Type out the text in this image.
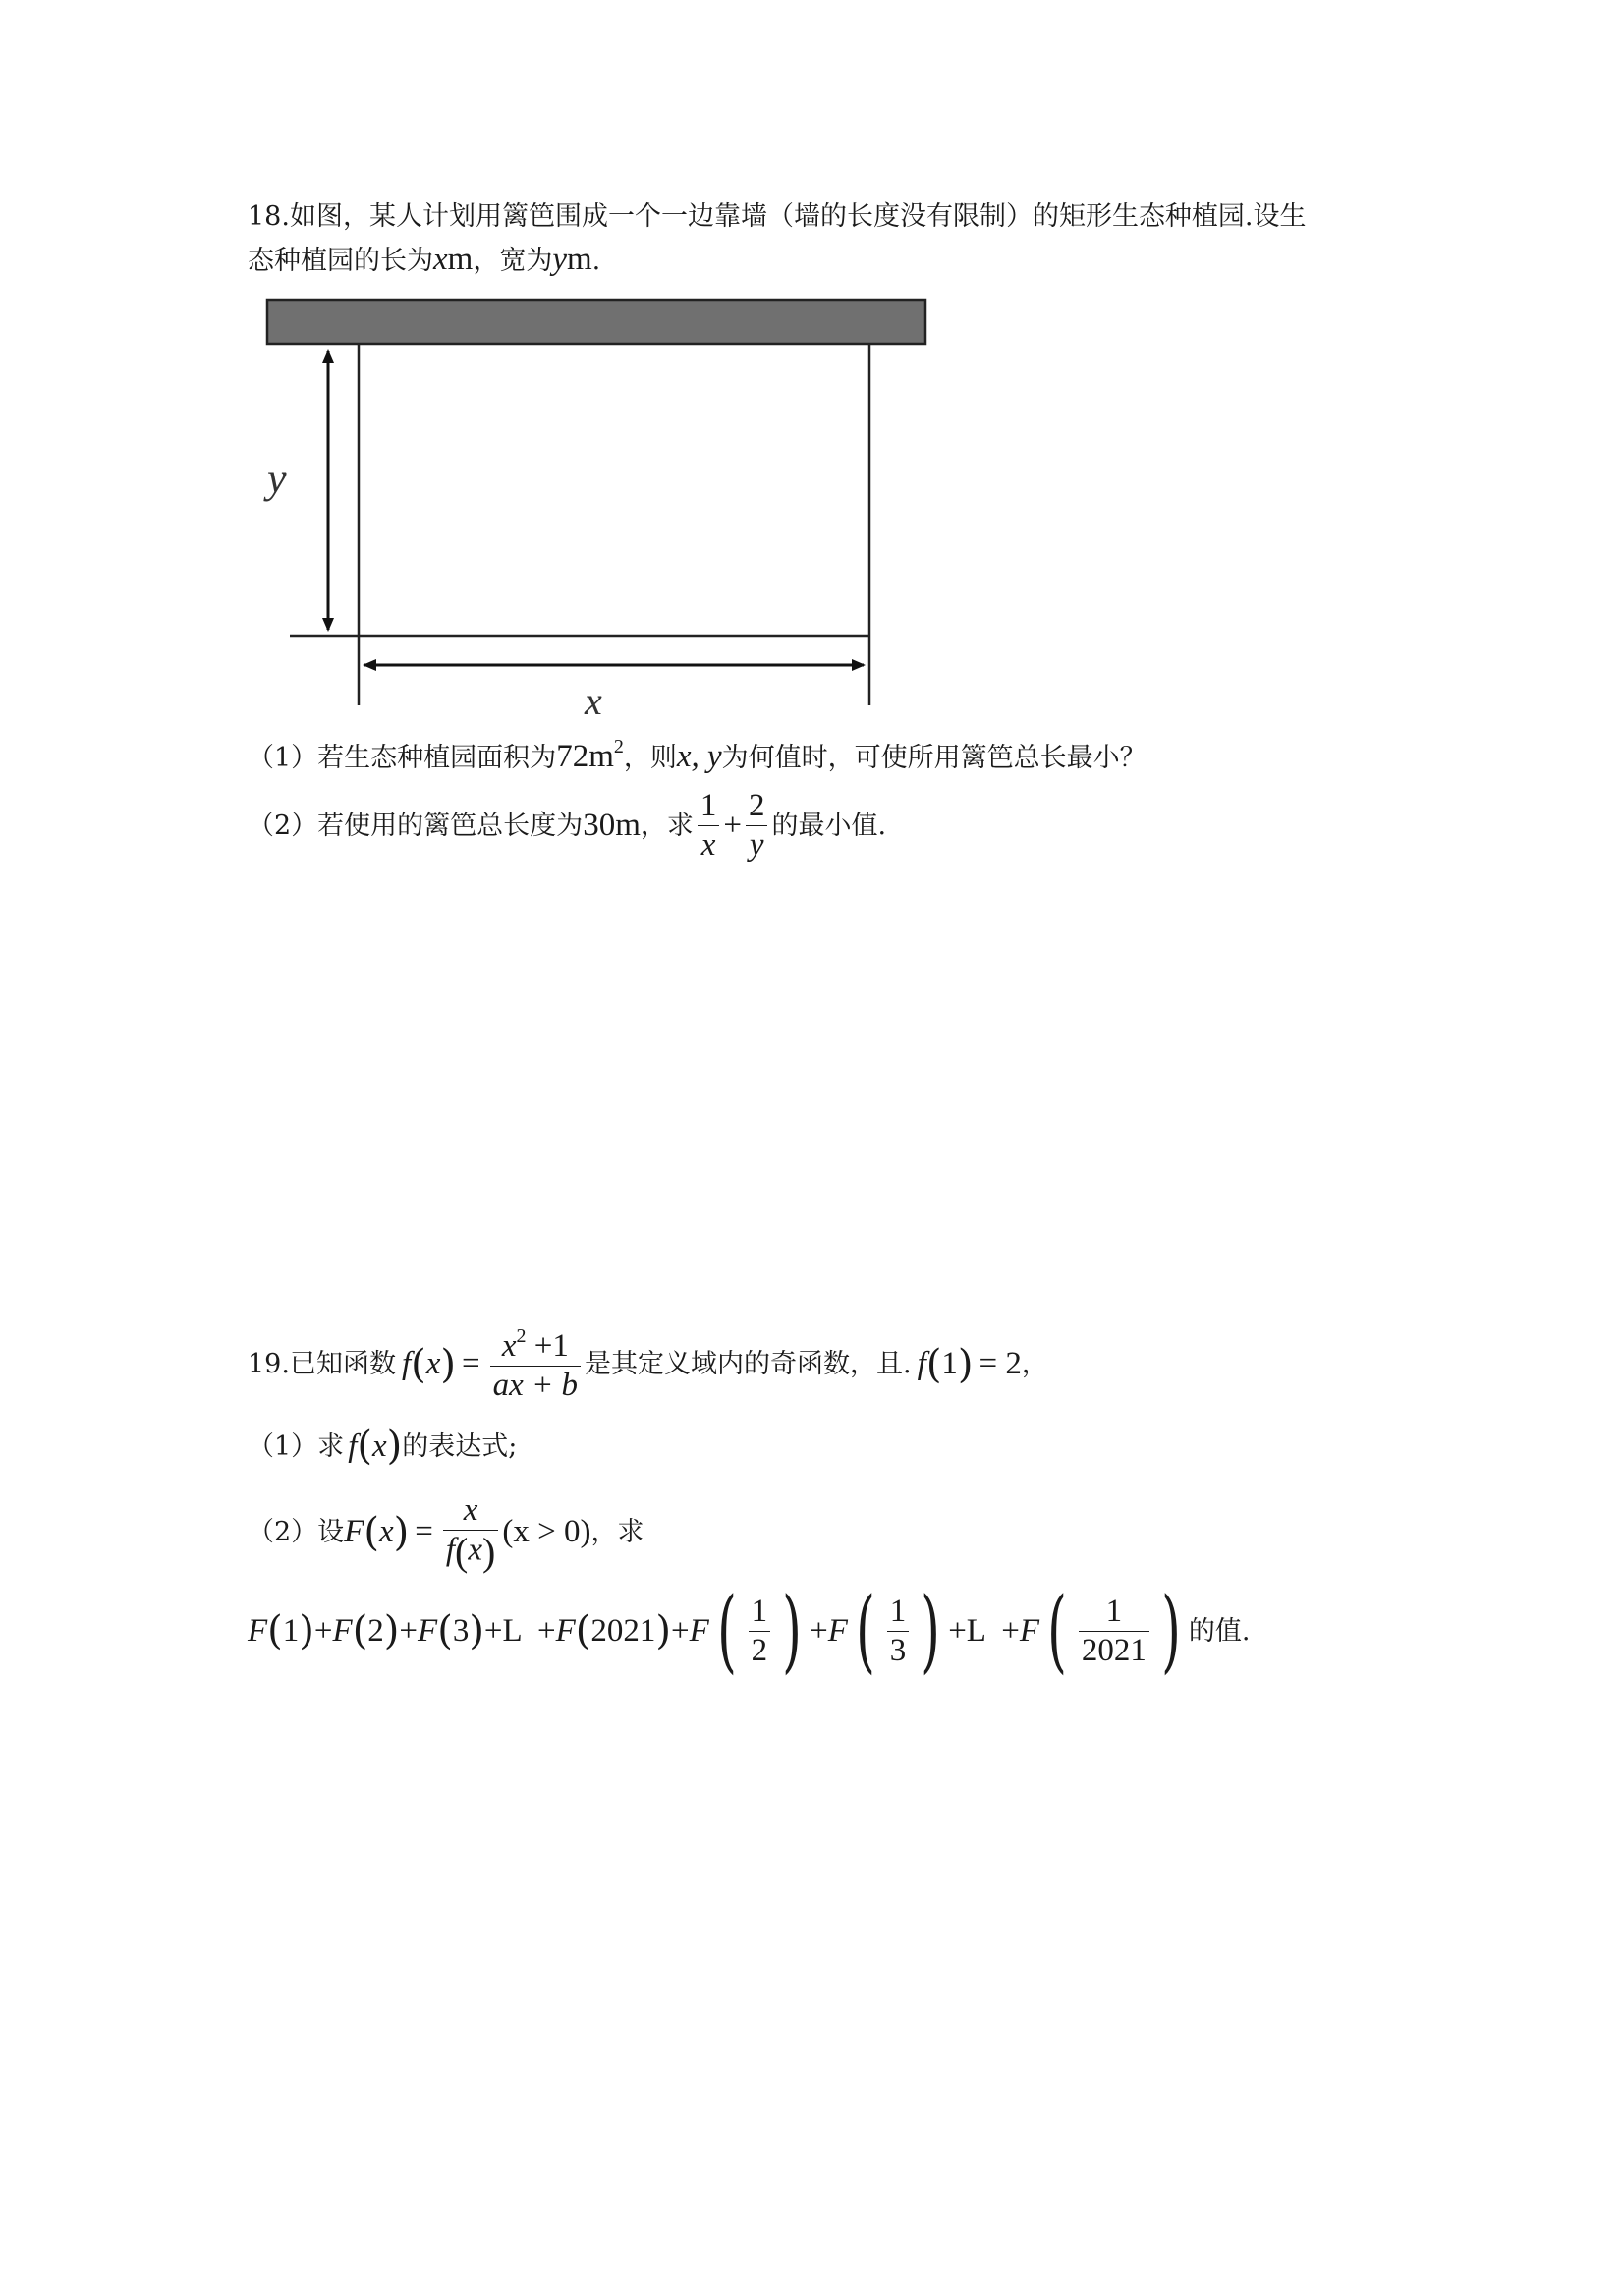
18.如图，某人计划用篱笆围成一个一边靠墙（墙的长度没有限制）的矩形生态种植园.设生
态种植园的长为xm，宽为ym.
y
x
（1）若生态种植园面积为$72m^2$，则x, y为何值时，可使所用篱笆总长最小？
（2）若使用的篱笆总长度为 30m ，求 $\frac{1}{x} + \frac{2}{y}$ 的最小值.
19.已知函数 f ( x ) = $\frac{x^2 +1}{ax + b}$ 是其定义域内的奇函数，且. f ( 1 ) = 2 ，
（1）求 f ( x ) 的表达式;
（2）设 F ( x ) = $\frac{x}{f(x)} (x > 0)$ ，求
F ( 1 ) + F ( 2 ) + F ( 3 ) +L  + F ( 2021 ) + F ( $\frac{1}{2}$ ) + F ( $\frac{1}{3}$ ) +L  + F ( $\frac{1}{2021}$ ) 的值.
